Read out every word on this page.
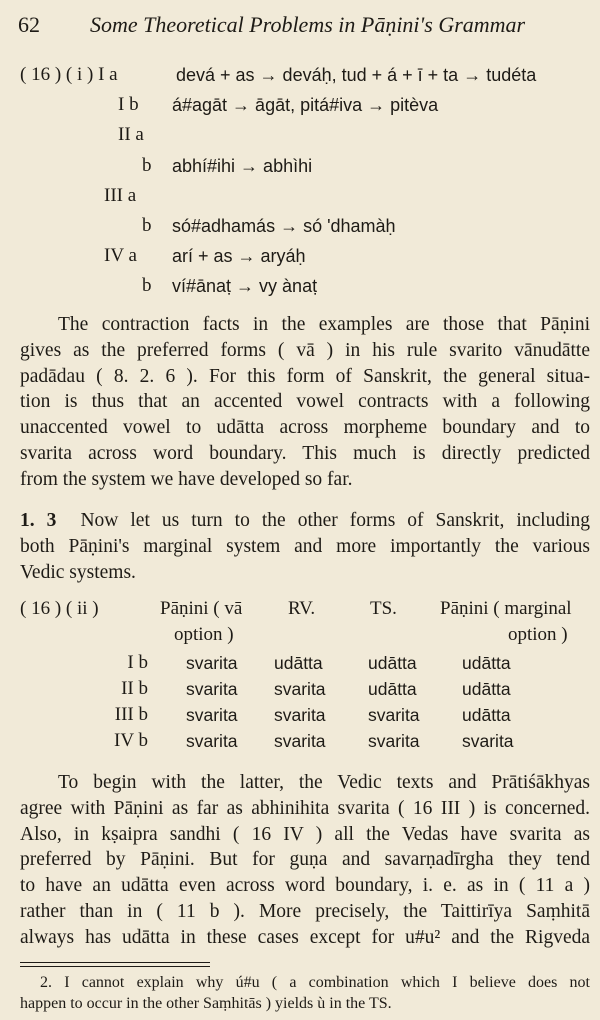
62 Some Theoretical Problems in Pāṇini's Grammar
( 16 ) ( i ) I a	devá + as → deváḥ, tud + á + ī + ta → tudéta
I b á#agāt → āgāt, pitá#iva → pitèva
II a
b abhí#ihi → abhìhi
III a
b só#adhamás → só 'dhamàḥ
IV a arí + as → aryáḥ
b ví#ānaṭ → vy ànaṭ
The contraction facts in the examples are those that Pāṇini
gives as the preferred forms ( vā ) in his rule svarito vānudātte
padādau ( 8. 2. 6 ). For this form of Sanskrit, the general situa-
tion is thus that an accented vowel contracts with a following
unaccented vowel to udātta across morpheme boundary and to
svarita across word boundary. This much is directly predicted
from the system we have developed so far.
1. 3 Now let us turn to the other forms of Sanskrit, including
both Pāṇini's marginal system and more importantly the various
Vedic systems.
( 16 ) ( ii )	Pāṇini ( vā
option )
RV.	TS. Pāṇini ( marginal
option )
I b svarita udātta	udātta	udātta
II b svarita svarita udātta	udātta
III b svarita svarita svarita udātta
IV b svarita svarita svarita svarita
To begin with the latter, the Vedic texts and Prātiśākhyas
agree with Pāṇini as far as abhinihita svarita ( 16 III ) is concerned.
Also, in kṣaipra sandhi ( 16 IV ) all the Vedas have svarita as
preferred by Pāṇini. But for guṇa and savarṇadīrgha they tend
to have an udātta even across word boundary, i. e. as in ( 11 a )
rather than in ( 11 b ). More precisely, the Taittirīya Saṃhitā
always has udātta in these cases except for u#u² and the Rigveda
2. I cannot explain why ú#u ( a combination which I believe does not
happen to occur in the other Saṃhitās ) yields ù in the TS.
